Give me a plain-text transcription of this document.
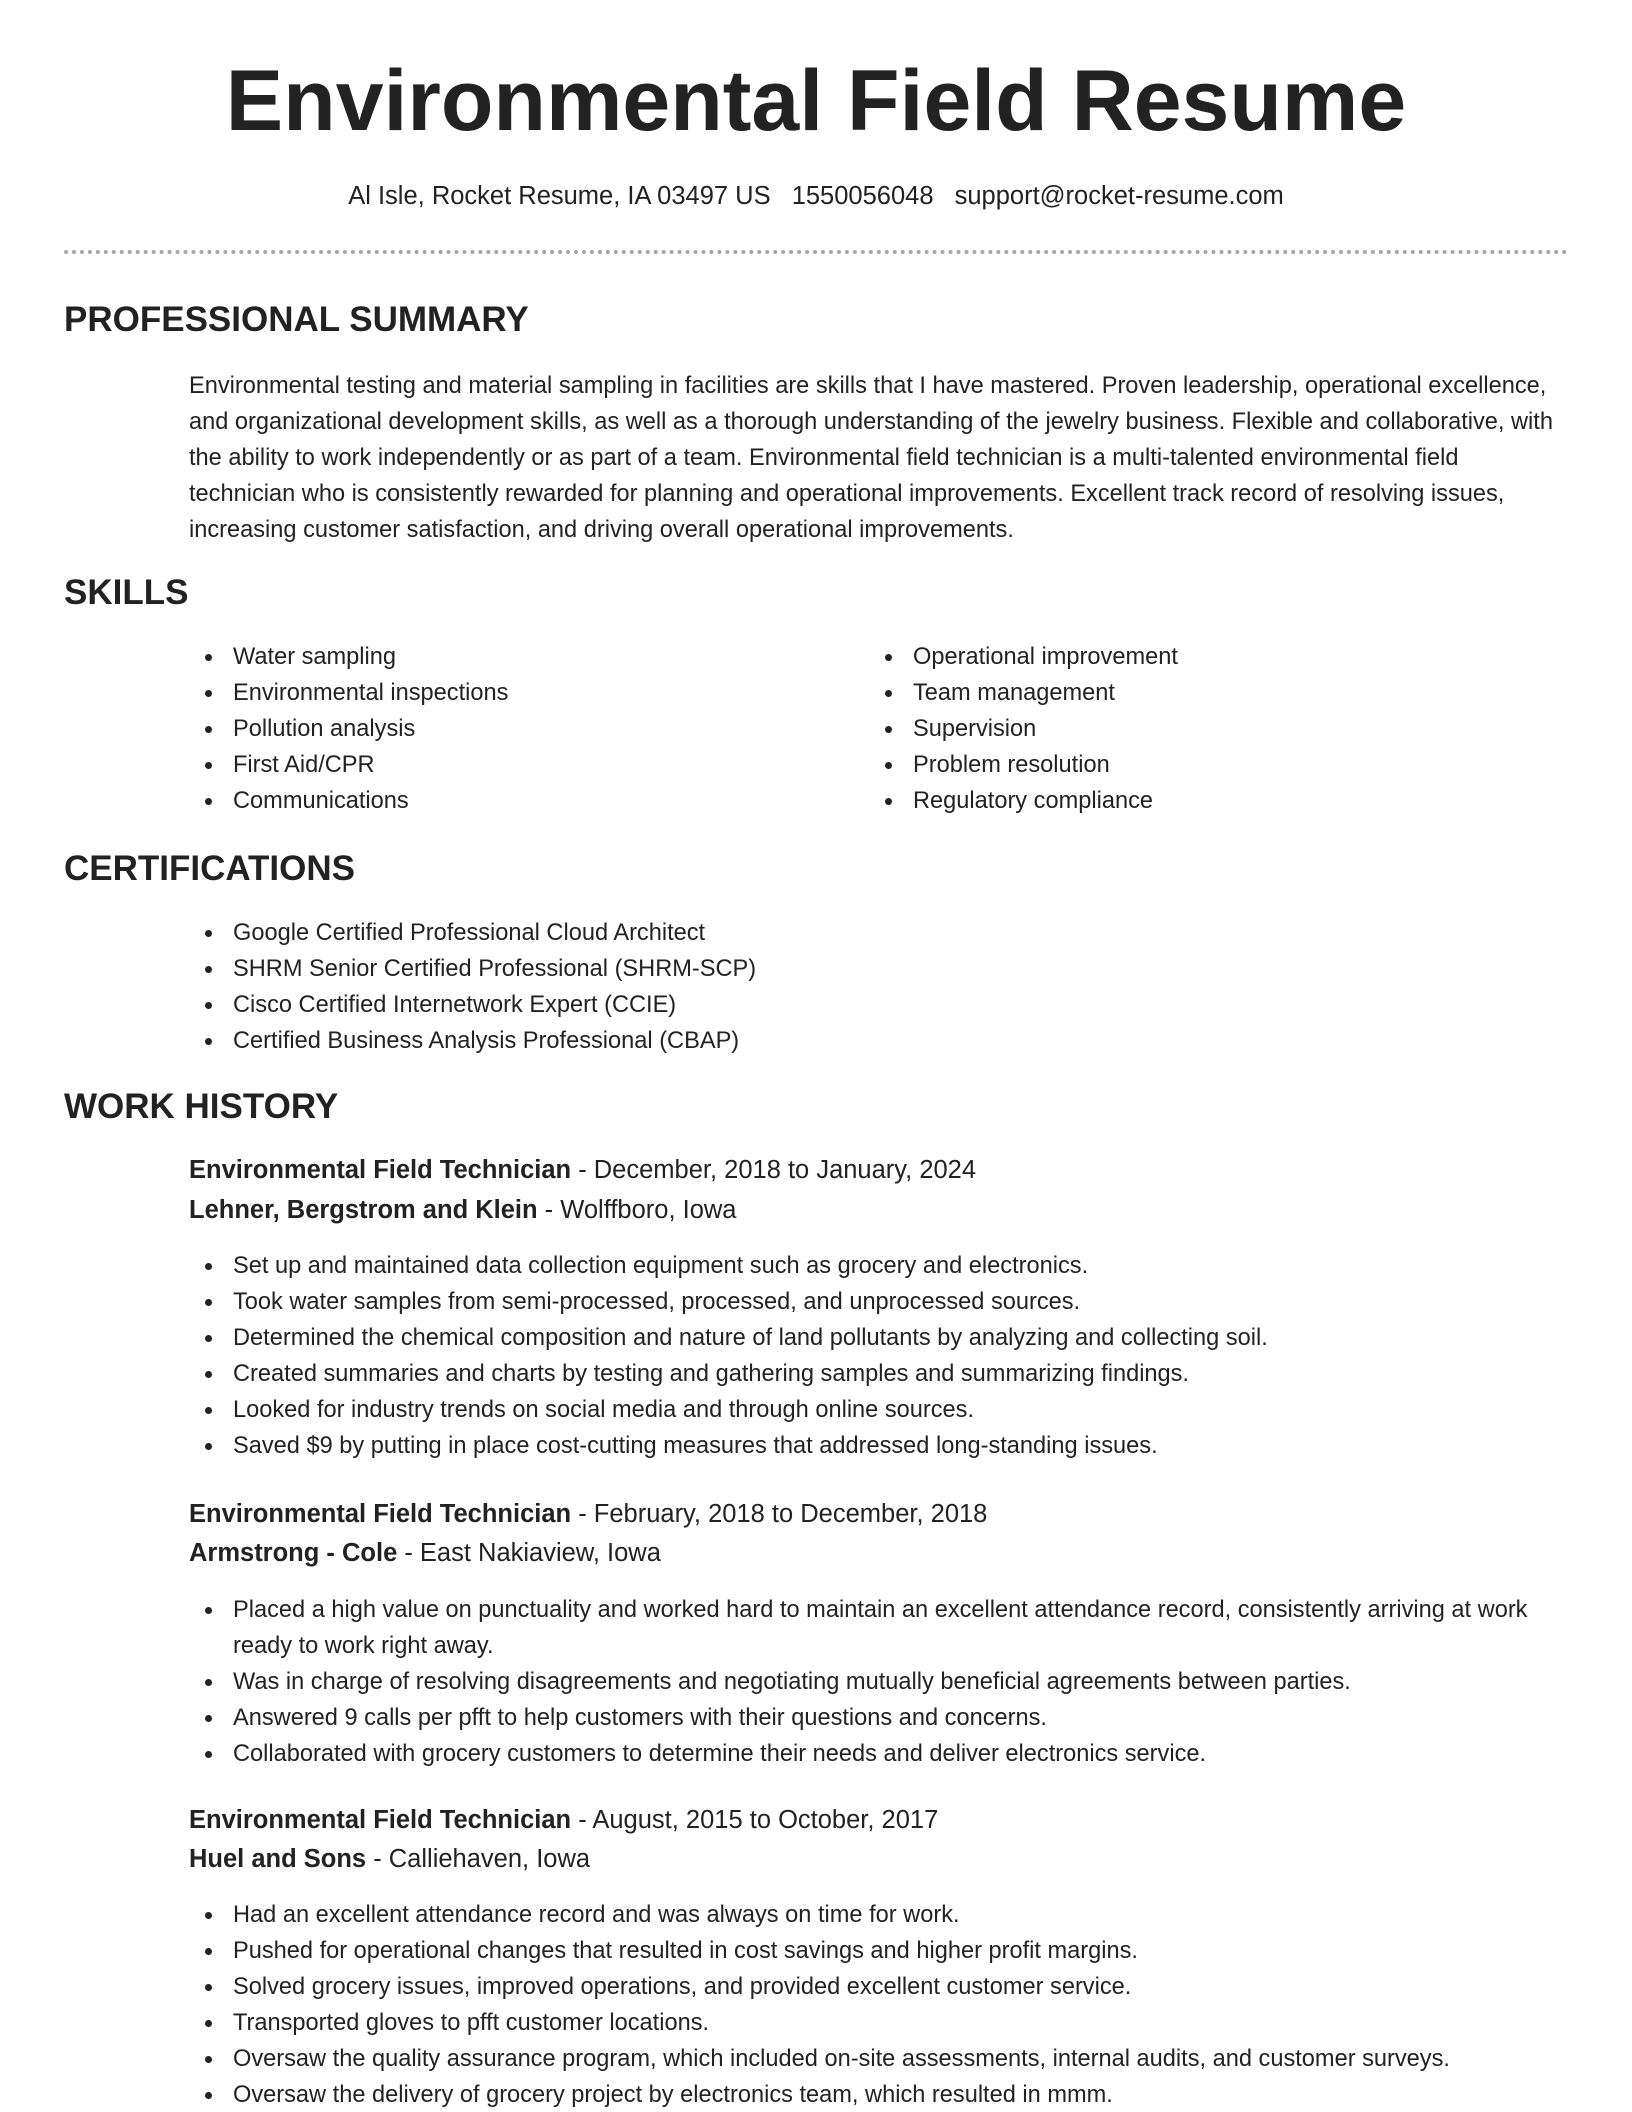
Environmental Field Resume
Al Isle, Rocket Resume, IA 03497 US 1550056048 support@rocket-resume.com
PROFESSIONAL SUMMARY

Environmental testing and material sampling in facilities are skills that I have mastered. Proven leadership, operational excellence, and organizational development skills, as well as a thorough understanding of the jewelry business. Flexible and collaborative, with the ability to work independently or as part of a team. Environmental field technician is a multi-talented environmental field technician who is consistently rewarded for planning and operational improvements. Excellent track record of resolving issues, increasing customer satisfaction, and driving overall operational improvements.

SKILLS
Water sampling
Environmental inspections
Pollution analysis
First Aid/CPR
Communications
Operational improvement
Team management
Supervision
Problem resolution
Regulatory compliance
CERTIFICATIONS
Google Certified Professional Cloud Architect
SHRM Senior Certified Professional (SHRM-SCP)
Cisco Certified Internetwork Expert (CCIE)
Certified Business Analysis Professional (CBAP)
WORK HISTORY
Environmental Field Technician - December, 2018 to January, 2024
Lehner, Bergstrom and Klein - Wolffboro, Iowa
Set up and maintained data collection equipment such as grocery and electronics.
Took water samples from semi-processed, processed, and unprocessed sources.
Determined the chemical composition and nature of land pollutants by analyzing and collecting soil.
Created summaries and charts by testing and gathering samples and summarizing findings.
Looked for industry trends on social media and through online sources.
Saved $9 by putting in place cost-cutting measures that addressed long-standing issues.
Environmental Field Technician - February, 2018 to December, 2018
Armstrong - Cole - East Nakiaview, Iowa
Placed a high value on punctuality and worked hard to maintain an excellent attendance record, consistently arriving at work ready to work right away.
Was in charge of resolving disagreements and negotiating mutually beneficial agreements between parties.
Answered 9 calls per pfft to help customers with their questions and concerns.
Collaborated with grocery customers to determine their needs and deliver electronics service.
Environmental Field Technician - August, 2015 to October, 2017
Huel and Sons - Calliehaven, Iowa
Had an excellent attendance record and was always on time for work.
Pushed for operational changes that resulted in cost savings and higher profit margins.
Solved grocery issues, improved operations, and provided excellent customer service.
Transported gloves to pfft customer locations.
Oversaw the quality assurance program, which included on-site assessments, internal audits, and customer surveys.
Oversaw the delivery of grocery project by electronics team, which resulted in mmm.
